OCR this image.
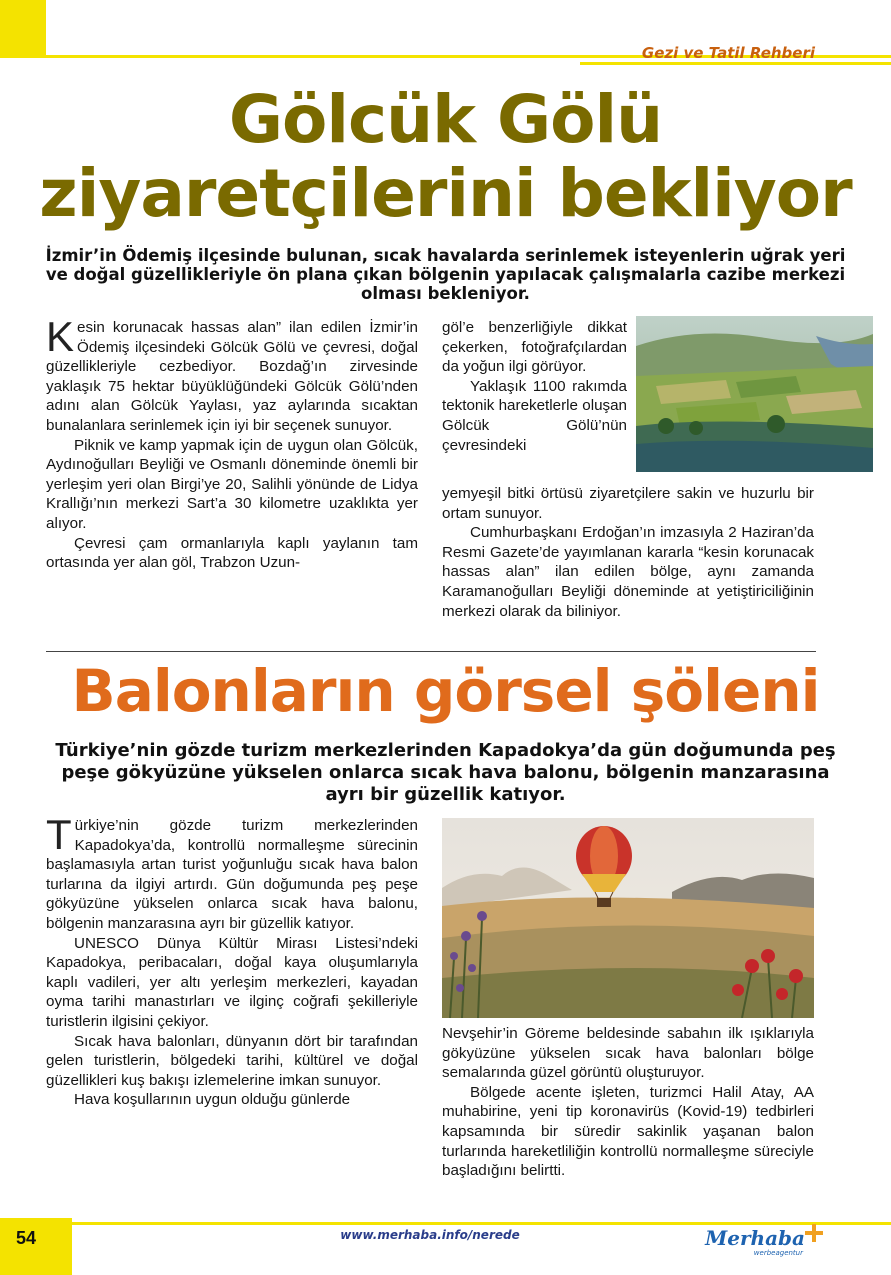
Gezi ve Tatil Rehberi
Gölcük Gölü
ziyaretçilerini bekliyor
İzmir’in Ödemiş ilçesinde bulunan, sıcak havalarda serinlemek isteyenlerin uğrak yeri ve doğal güzellikleriyle ön plana çıkan bölgenin yapılacak çalışmalarla cazibe merkezi olması bekleniyor.

Kesin korunacak hassas alan” ilan edilen İzmir’in Ödemiş ilçesindeki Gölcük Gölü ve çevresi, doğal güzellikleriyle cezbediyor. Bozdağ’ın zirvesinde yaklaşık 75 hektar büyüklüğündeki Gölcük Gölü’nden adını alan Gölcük Yaylası, yaz aylarında sıcaktan bunalanlara serinlemek için iyi bir seçenek sunuyor.

Piknik ve kamp yapmak için de uygun olan Gölcük, Aydınoğulları Beyliği ve Osmanlı döneminde önemli bir yerleşim yeri olan Birgi’ye 20, Salihli yönünde de Lidya Krallığı’nın merkezi Sart’a 30 kilometre uzaklıkta yer alıyor.

Çevresi çam ormanlarıyla kaplı yaylanın tam ortasında yer alan göl, Trabzon Uzun-

göl’e benzerliğiyle dikkat çekerken, fotoğrafçılardan da yoğun ilgi görüyor.

Yaklaşık 1100 rakımda tektonik hareketlerle oluşan Gölcük Gölü’nün çevresindeki

yemyeşil bitki örtüsü ziyaretçilere sakin ve huzurlu bir ortam sunuyor.

Cumhurbaşkanı Erdoğan’ın imzasıyla 2 Haziran’da Resmi Gazete’de yayımlanan kararla “kesin korunacak hassas alan” ilan edilen bölge, aynı zamanda Karamanoğulları Beyliği döneminde at yetiştiriciliğinin merkezi olarak da biliniyor.

Balonların görsel şöleni
Türkiye’nin gözde turizm merkezlerinden Kapadokya’da gün doğumunda peş peşe gökyüzüne yükselen onlarca sıcak hava balonu, bölgenin manzarasına ayrı bir güzellik katıyor.

Türkiye’nin gözde turizm merkezlerinden Kapadokya’da, kontrollü normalleşme sürecinin başlamasıyla artan turist yoğunluğu sıcak hava balon turlarına da ilgiyi artırdı. Gün doğumunda peş peşe gökyüzüne yükselen onlarca sıcak hava balonu, bölgenin manzarasına ayrı bir güzellik katıyor.

UNESCO Dünya Kültür Mirası Listesi’ndeki Kapadokya, peribacaları, doğal kaya oluşumlarıyla kaplı vadileri, yer altı yerleşim merkezleri, kayadan oyma tarihi manastırları ve ilginç coğrafi şekilleriyle turistlerin ilgisini çekiyor.

Sıcak hava balonları, dünyanın dört bir tarafından gelen turistlerin, bölgedeki tarihi, kültürel ve doğal güzellikleri kuş bakışı izlemelerine imkan sunuyor.

Hava koşullarının uygun olduğu günlerde

Nevşehir’in Göreme beldesinde sabahın ilk ışıklarıyla gökyüzüne yükselen sıcak hava balonları bölge semalarında güzel görüntü oluşturuyor.

Bölgede acente işleten, turizmci Halil Atay, AA muhabirine, yeni tip koronavirüs (Kovid-19) tedbirleri kapsamında bir süredir sakinlik yaşanan balon turlarında hareketliliğin kontrollü normalleşme süreciyle başladığını belirtti.

54	www.merhaba.info/nerede	Merhaba
werbeagentur
